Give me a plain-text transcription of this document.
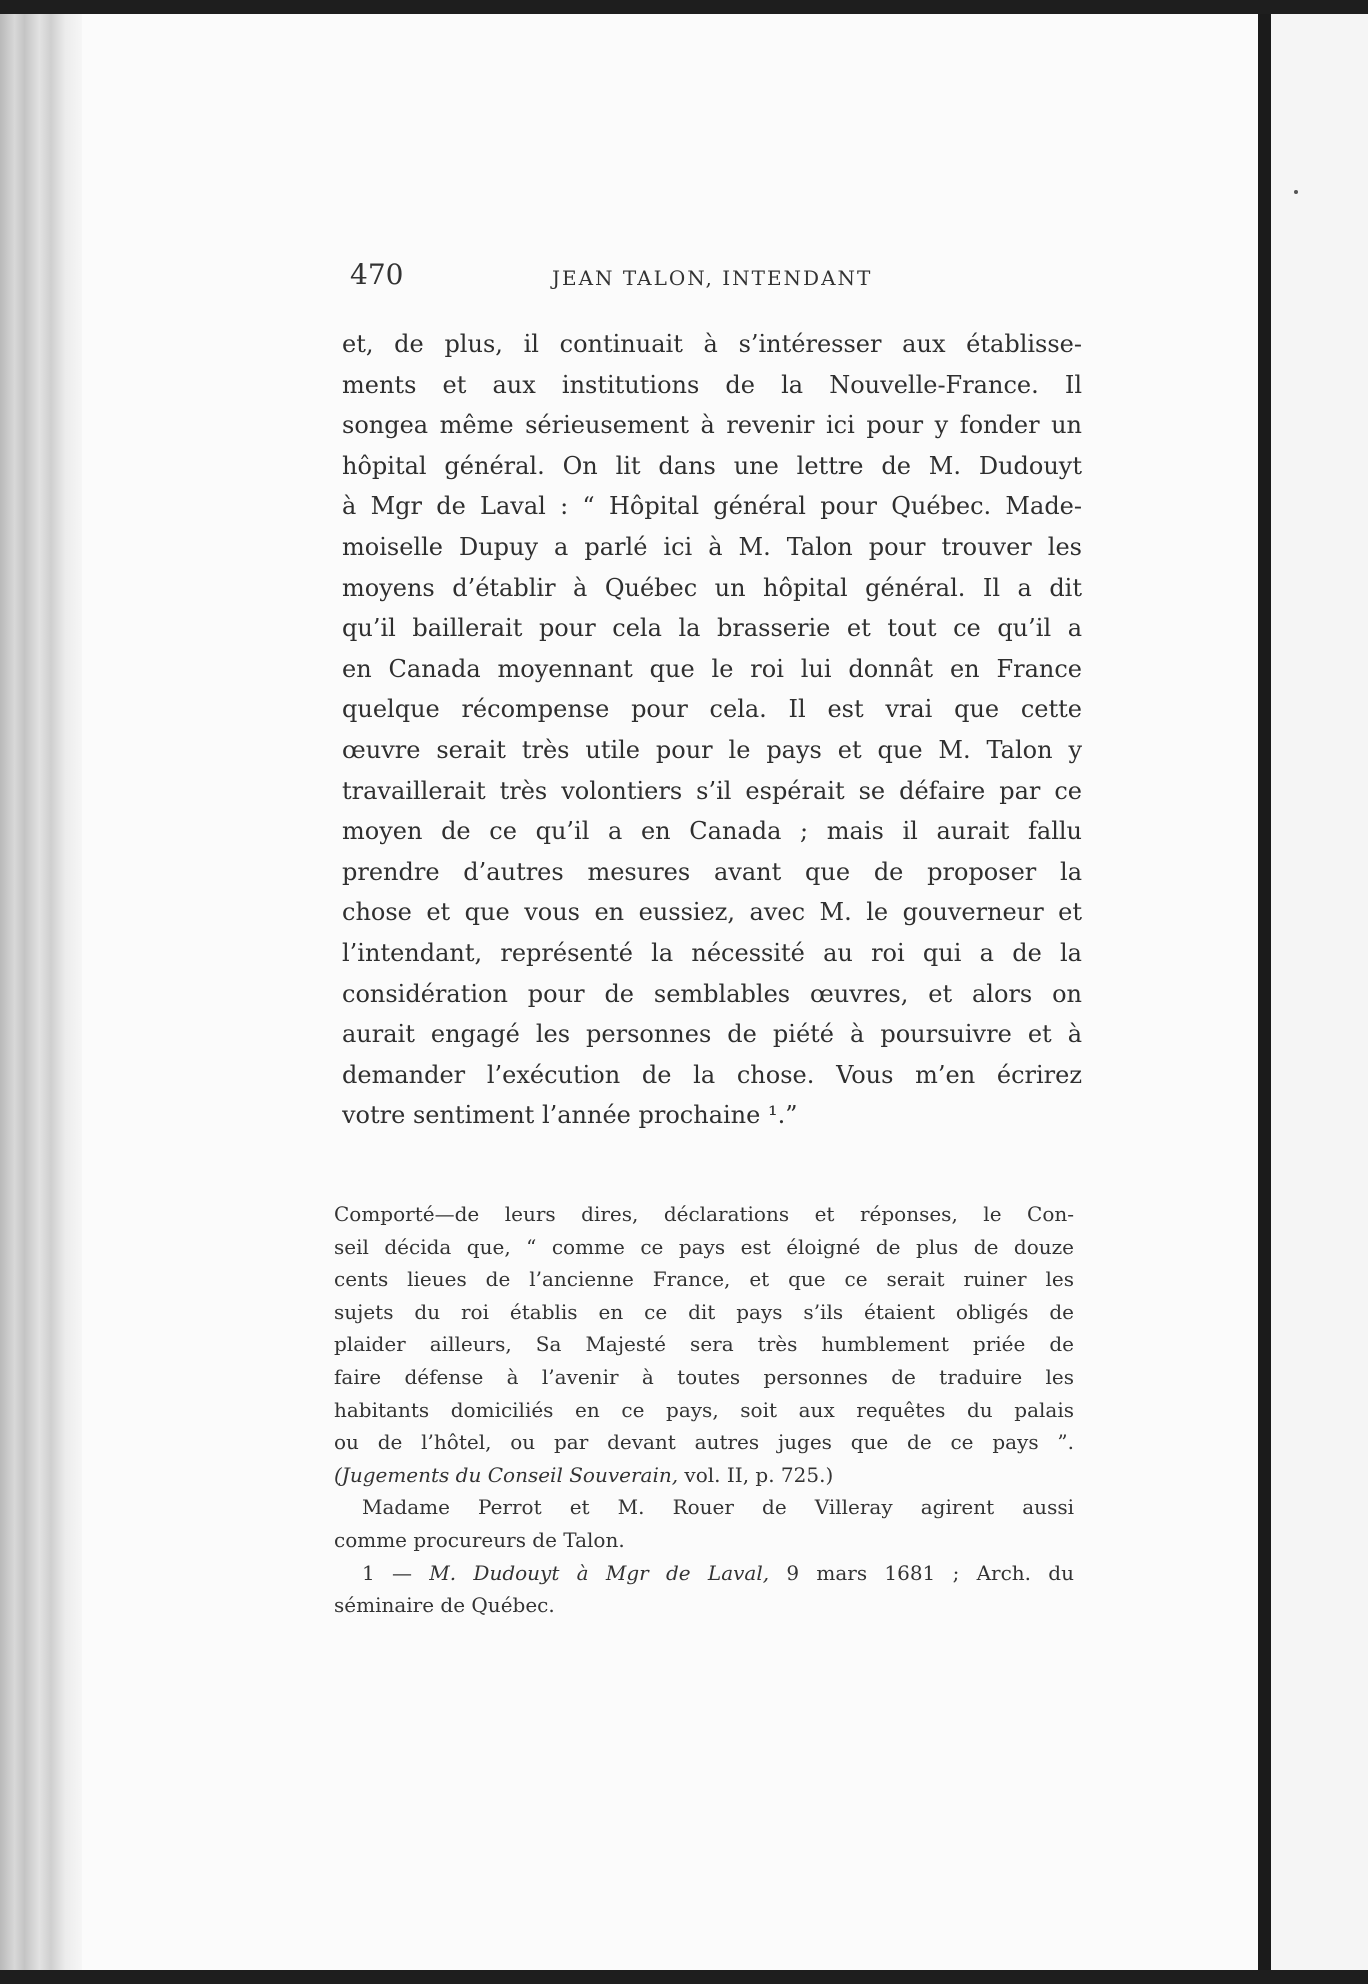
470	JEAN TALON, INTENDANT
et, de plus, il continuait à s’intéresser aux établisse-
ments et aux institutions de la Nouvelle-France. Il
songea même sérieusement à revenir ici pour y fonder un
hôpital général. On lit dans une lettre de M. Dudouyt
à Mgr de Laval : “ Hôpital général pour Québec. Made-
moiselle Dupuy a parlé ici à M. Talon pour trouver les
moyens d’établir à Québec un hôpital général. Il a dit
qu’il baillerait pour cela la brasserie et tout ce qu’il a
en Canada moyennant que le roi lui donnât en France
quelque récompense pour cela. Il est vrai que cette
œuvre serait très utile pour le pays et que M. Talon y
travaillerait très volontiers s’il espérait se défaire par ce
moyen de ce qu’il a en Canada ; mais il aurait fallu
prendre d’autres mesures avant que de proposer la
chose et que vous en eussiez, avec M. le gouverneur et
l’intendant, représenté la nécessité au roi qui a de la
considération pour de semblables œuvres, et alors on
aurait engagé les personnes de piété à poursuivre et à
demander l’exécution de la chose. Vous m’en écrirez
votre sentiment l’année prochaine ¹.”
Comporté—de leurs dires, déclarations et réponses, le Con-
seil décida que, “ comme ce pays est éloigné de plus de douze
cents lieues de l’ancienne France, et que ce serait ruiner les
sujets du roi établis en ce dit pays s’ils étaient obligés de
plaider ailleurs, Sa Majesté sera très humblement priée de
faire défense à l’avenir à toutes personnes de traduire les
habitants domiciliés en ce pays, soit aux requêtes du palais
ou de l’hôtel, ou par devant autres juges que de ce pays ”.
(Jugements du Conseil Souverain, vol. II, p. 725.)
Madame Perrot et M. Rouer de Villeray agirent aussi
comme procureurs de Talon.
1 — M. Dudouyt à Mgr de Laval, 9 mars 1681 ; Arch. du
séminaire de Québec.
